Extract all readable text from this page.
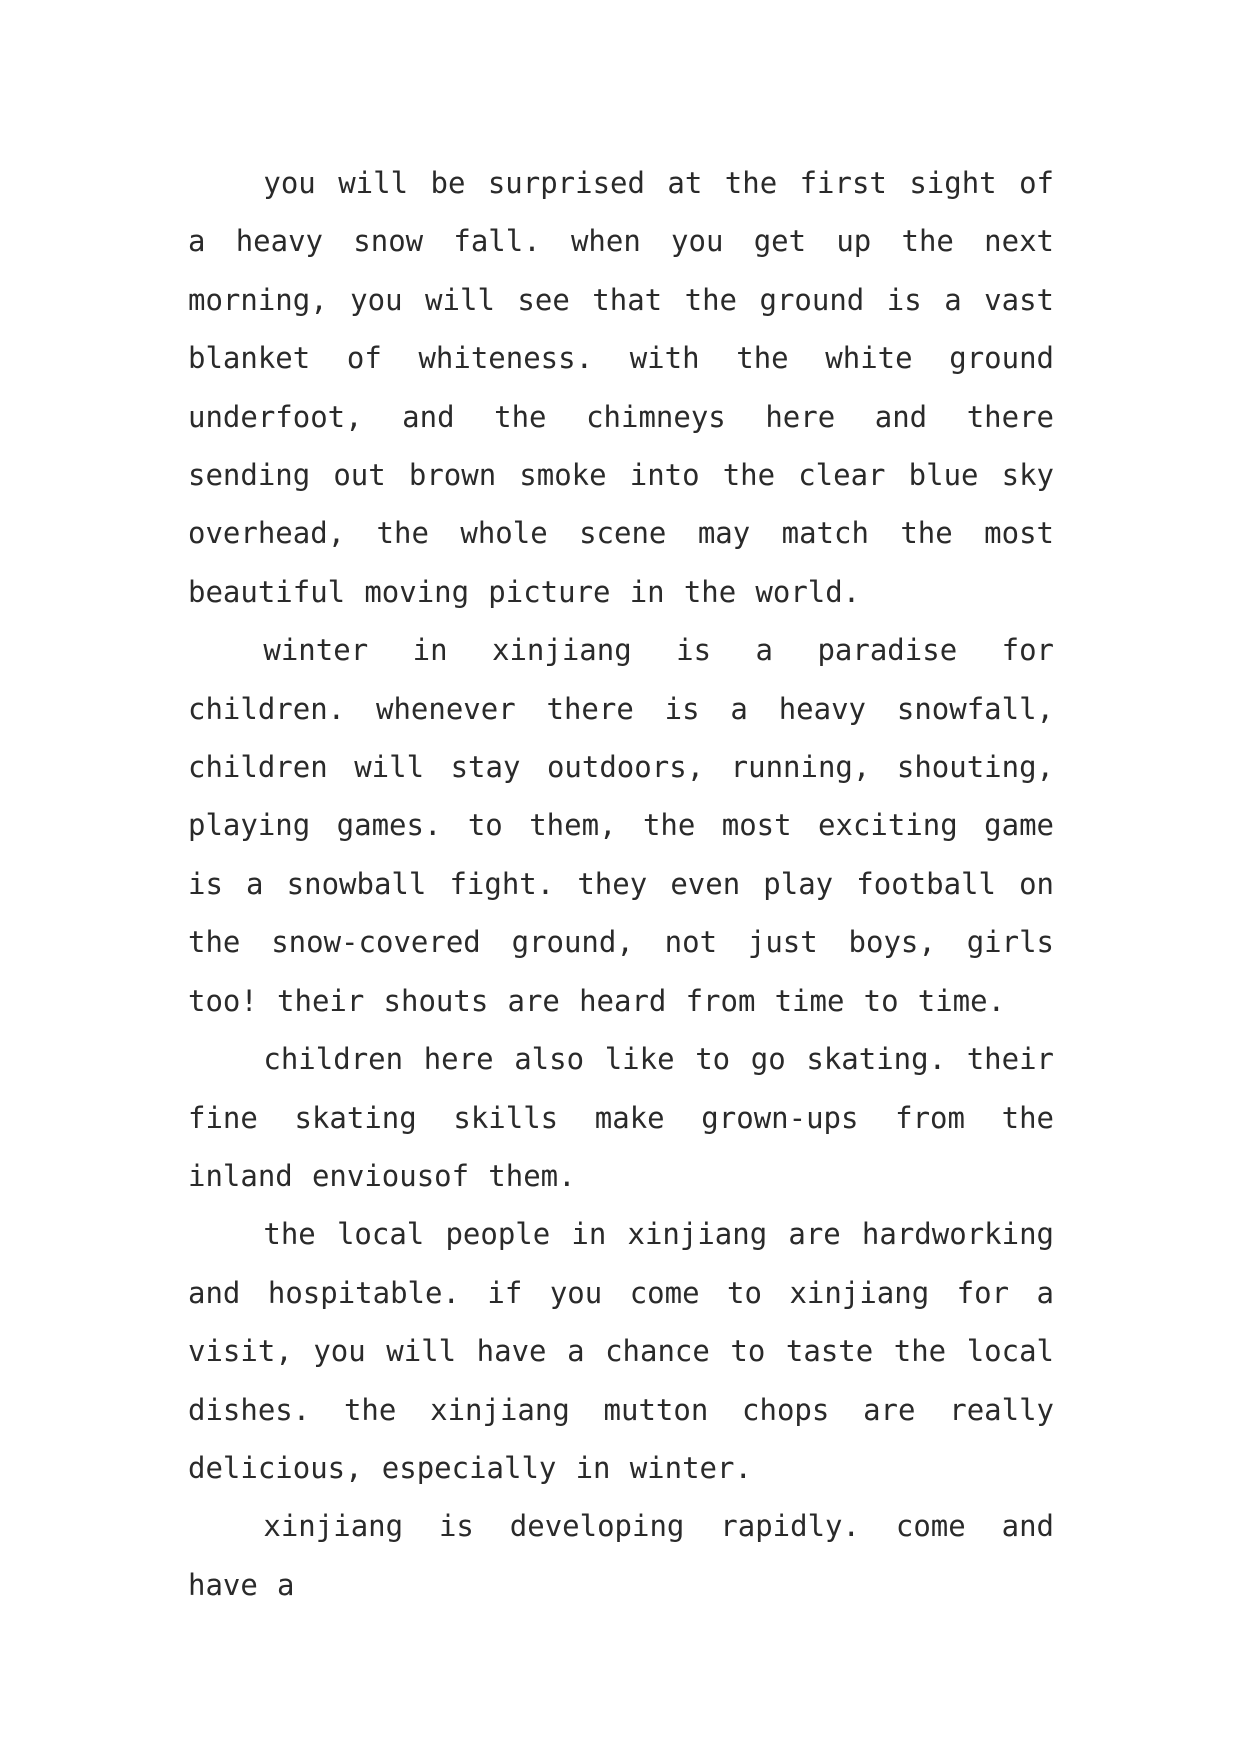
you will be surprised at the first sight of a heavy snow fall. when you get up the next morning, you will see that the ground is a vast blanket of whiteness. with the white ground underfoot, and the chimneys here and there sending out brown smoke into the clear blue sky overhead, the whole scene may match the most beautiful moving picture in the world.

winter in xinjiang is a paradise for children. whenever there is a heavy snowfall, children will stay outdoors, running, shouting, playing games. to them, the most exciting game is a snowball fight. they even play football on the snow-covered ground, not just boys, girls too! their shouts are heard from time to time.

children here also like to go skating. their fine skating skills make grown-ups from the inland enviousof them.

the local people in xinjiang are hardworking and hospitable. if you come to xinjiang for a visit, you will have a chance to taste the local dishes. the xinjiang mutton chops are really delicious, especially in winter.

xinjiang is developing rapidly. come and have a
